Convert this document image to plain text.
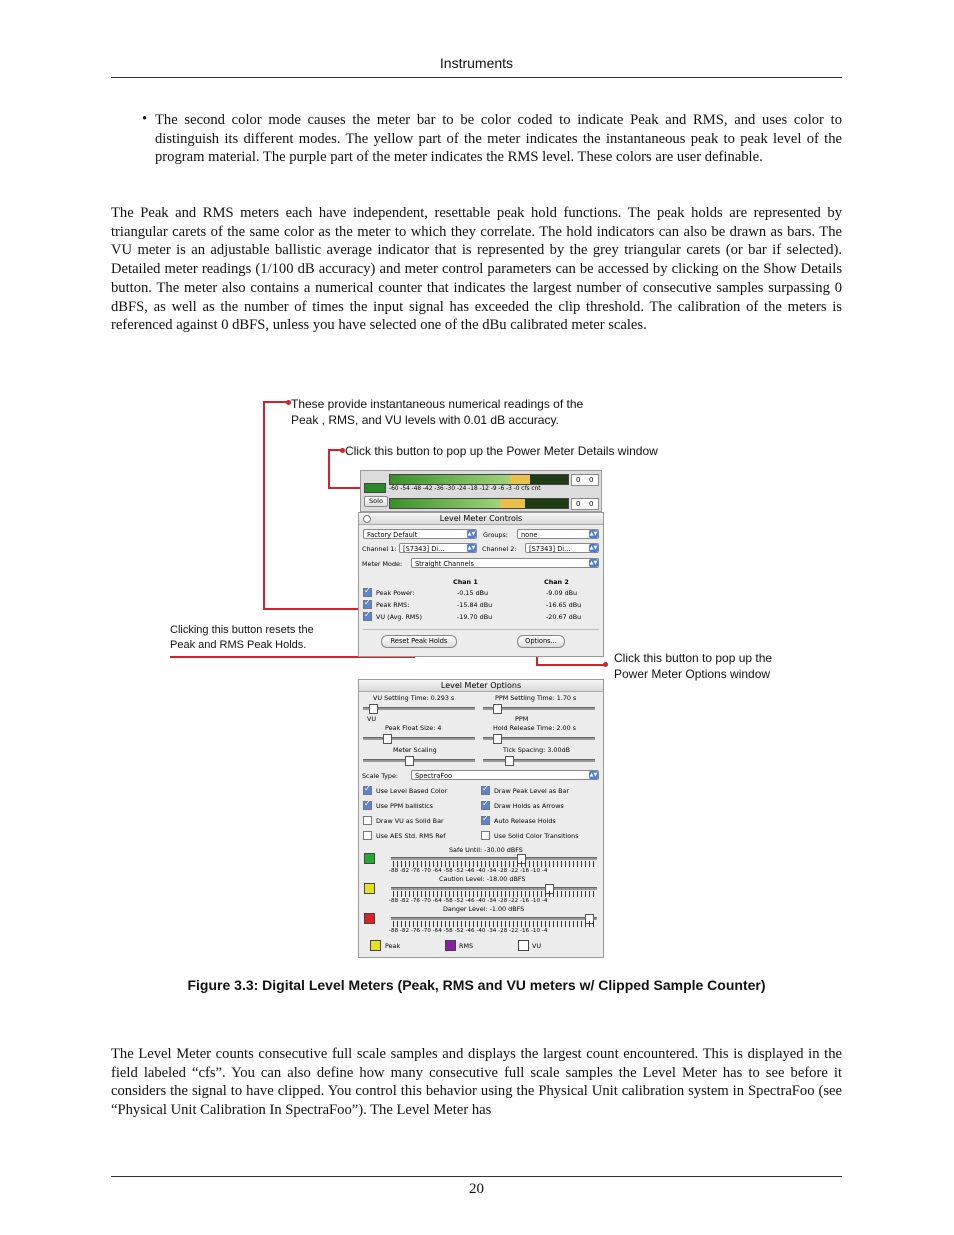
Instruments
• The second color mode causes the meter bar to be color coded to indicate Peak and RMS, and uses color to distinguish its different modes. The yellow part of the meter indicates the instantaneous peak to peak level of the program material. The purple part of the meter indicates the RMS level. These colors are user definable.
The Peak and RMS meters each have independent, resettable peak hold functions. The peak holds are represented by triangular carets of the same color as the meter to which they correlate. The hold indicators can also be drawn as bars. The VU meter is an adjustable ballistic average indicator that is represented by the grey triangular carets (or bar if selected). Detailed meter readings (1/100 dB accuracy) and meter control parameters can be accessed by clicking on the Show Details button. The meter also contains a numerical counter that indicates the largest number of consecutive samples surpassing 0 dBFS, as well as the number of times the input signal has exceeded the clip threshold. The calibration of the meters is referenced against 0 dBFS, unless you have selected one of the dBu calibrated meter scales.
These provide instantaneous numerical readings of the
Peak , RMS, and VU levels with 0.01 dB accuracy.
Click this button to pop up the Power Meter Details window
Clicking this button resets the
Peak and RMS Peak Holds.
Click this button to pop up the
Power Meter Options window
Solo
-60 -54 -48 -42 -36 -30 -24 -18 -12 -9 -6 -3 -0 cfs cnt
0 0
0 0
Level Meter Controls
Factory Default	▲▼ Groups:	none	▲▼
Channel 1: [S7343] Di...	▲▼ Channel 2:	[S7343] Di...	▲▼
Meter Mode:	Straight Channels	▲▼
Chan 1	Chan 2
✓
Peak Power:	-0.15 dBu	-9.09 dBu
✓
Peak RMS:	-15.84 dBu	-16.65 dBu
✓
VU (Avg. RMS)	-19.70 dBu	-20.67 dBu
Reset Peak Holds	Options...
Level Meter Options
VU Settling Time: 0.293 s	PPM Settling Time: 1.70 s
VU	PPM
Peak Float Size: 4	Hold Release Time: 2.00 s
Meter Scaling	Tick Spacing: 3.00dB
Scale Type:	SpectraFoo	▲▼
✓
Use Level Based Color ✓	Draw Peak Level as Bar
✓
Use PPM ballistics ✓	Draw Holds as Arrows
Draw VU as Solid Bar ✓	Auto Release Holds
Use AES Std. RMS Ref	Use Solid Color Transitions
Safe Until: -30.00 dBFS
-88 -82 -76 -70 -64 -58 -52 -46 -40 -34 -28 -22 -16 -10 -4
Caution Level: -18.00 dBFS
-88 -82 -76 -70 -64 -58 -52 -46 -40 -34 -28 -22 -16 -10 -4
Danger Level: -1.00 dBFS
-88 -82 -76 -70 -64 -58 -52 -46 -40 -34 -28 -22 -16 -10 -4
Peak	RMS	VU
Figure 3.3: Digital Level Meters (Peak, RMS and VU meters w/ Clipped Sample Counter)
The Level Meter counts consecutive full scale samples and displays the largest count encountered. This is displayed in the field labeled “cfs”. You can also define how many consecutive full scale samples the Level Meter has to see before it considers the signal to have clipped. You control this behavior using the Physical Unit calibration system in SpectraFoo (see “Physical Unit Calibration In SpectraFoo”). The Level Meter has
20
